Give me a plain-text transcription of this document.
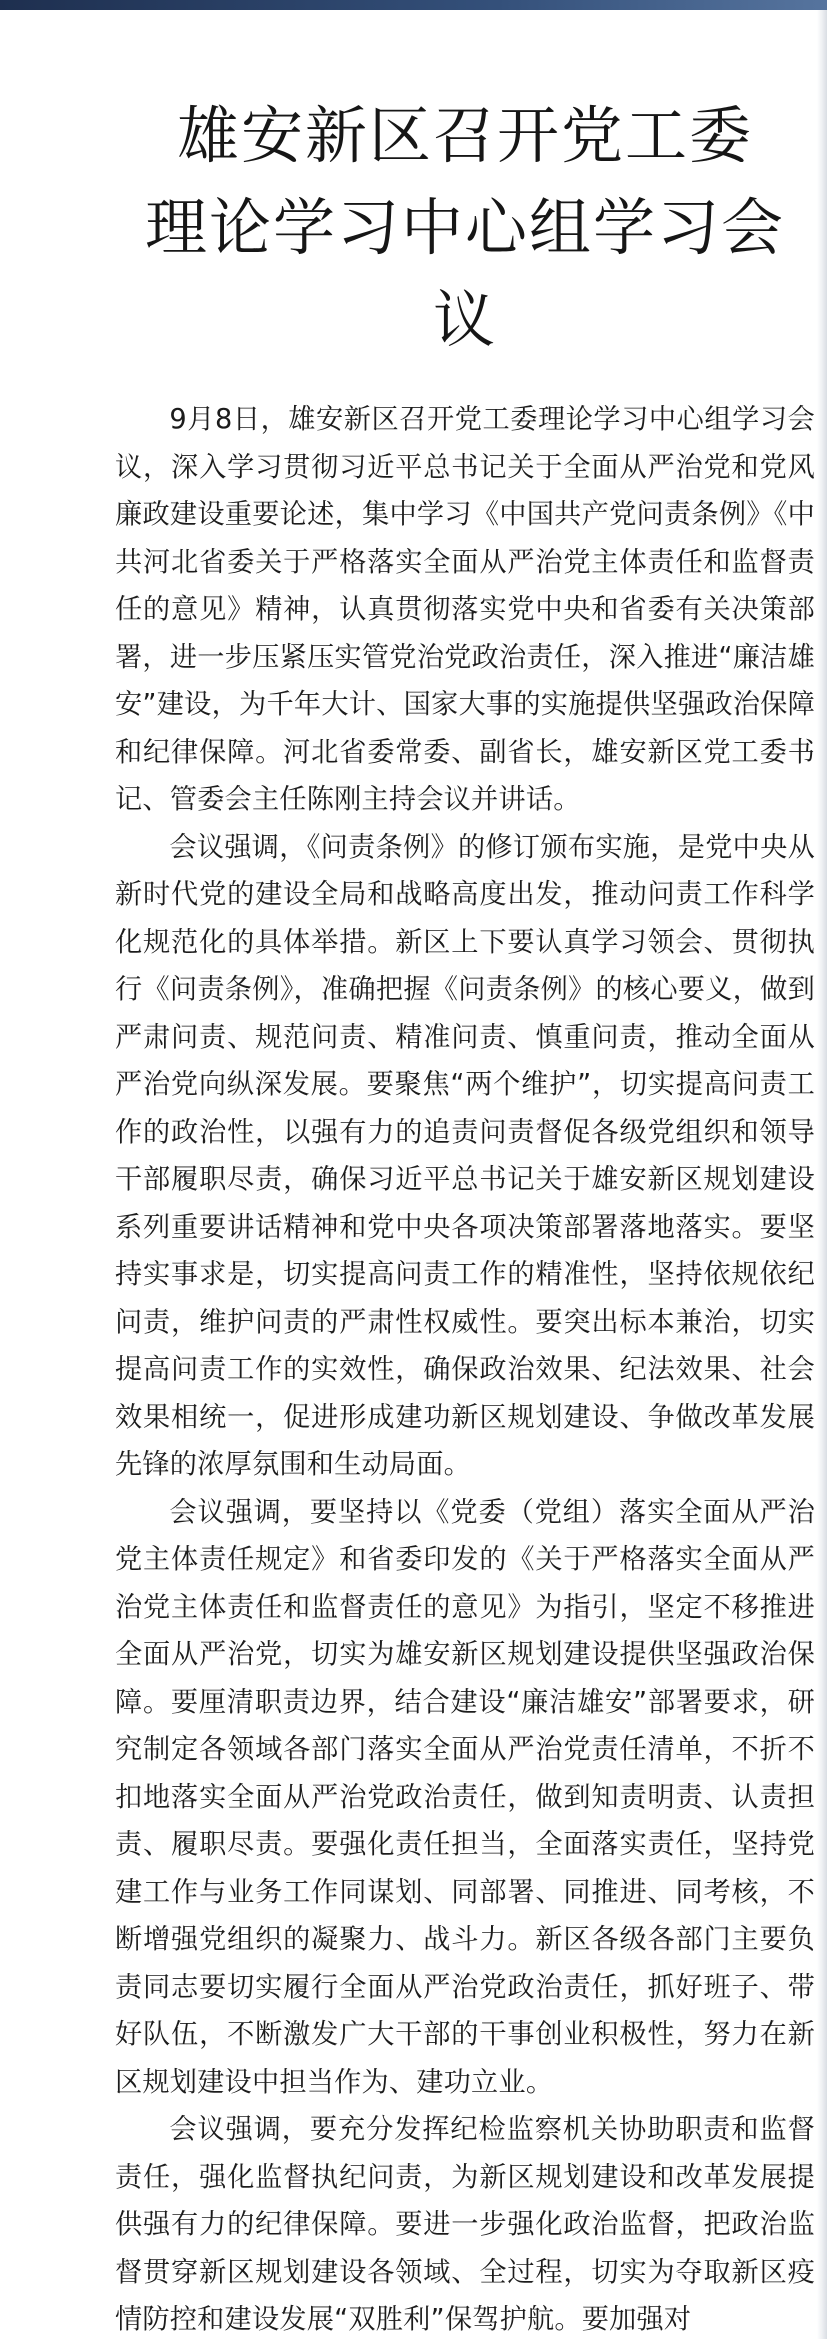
雄安新区召开党工委
理论学习中心组学习会议

9月8日，雄安新区召开党工委理论学习中心组学习会议，深入学习贯彻习近平总书记关于全面从严治党和党风廉政建设重要论述，集中学习《中国共产党问责条例》《中共河北省委关于严格落实全面从严治党主体责任和监督责任的意见》精神，认真贯彻落实党中央和省委有关决策部署，进一步压紧压实管党治党政治责任，深入推进“廉洁雄安”建设，为千年大计、国家大事的实施提供坚强政治保障和纪律保障。河北省委常委、副省长，雄安新区党工委书记、管委会主任陈刚主持会议并讲话。

会议强调，《问责条例》的修订颁布实施，是党中央从新时代党的建设全局和战略高度出发，推动问责工作科学化规范化的具体举措。新区上下要认真学习领会、贯彻执行《问责条例》，准确把握《问责条例》的核心要义，做到严肃问责、规范问责、精准问责、慎重问责，推动全面从严治党向纵深发展。要聚焦“两个维护”，切实提高问责工作的政治性，以强有力的追责问责督促各级党组织和领导干部履职尽责，确保习近平总书记关于雄安新区规划建设系列重要讲话精神和党中央各项决策部署落地落实。要坚持实事求是，切实提高问责工作的精准性，坚持依规依纪问责，维护问责的严肃性权威性。要突出标本兼治，切实提高问责工作的实效性，确保政治效果、纪法效果、社会效果相统一，促进形成建功新区规划建设、争做改革发展先锋的浓厚氛围和生动局面。

会议强调，要坚持以《党委（党组）落实全面从严治党主体责任规定》和省委印发的《关于严格落实全面从严治党主体责任和监督责任的意见》为指引，坚定不移推进全面从严治党，切实为雄安新区规划建设提供坚强政治保障。要厘清职责边界，结合建设“廉洁雄安”部署要求，研究制定各领域各部门落实全面从严治党责任清单，不折不扣地落实全面从严治党政治责任，做到知责明责、认责担责、履职尽责。要强化责任担当，全面落实责任，坚持党建工作与业务工作同谋划、同部署、同推进、同考核，不断增强党组织的凝聚力、战斗力。新区各级各部门主要负责同志要切实履行全面从严治党政治责任，抓好班子、带好队伍，不断激发广大干部的干事创业积极性，努力在新区规划建设中担当作为、建功立业。

会议强调，要充分发挥纪检监察机关协助职责和监督责任，强化监督执纪问责，为新区规划建设和改革发展提供强有力的纪律保障。要进一步强化政治监督，把政治监督贯穿新区规划建设各领域、全过程，切实为夺取新区疫情防控和建设发展“双胜利”保驾护航。要加强对
